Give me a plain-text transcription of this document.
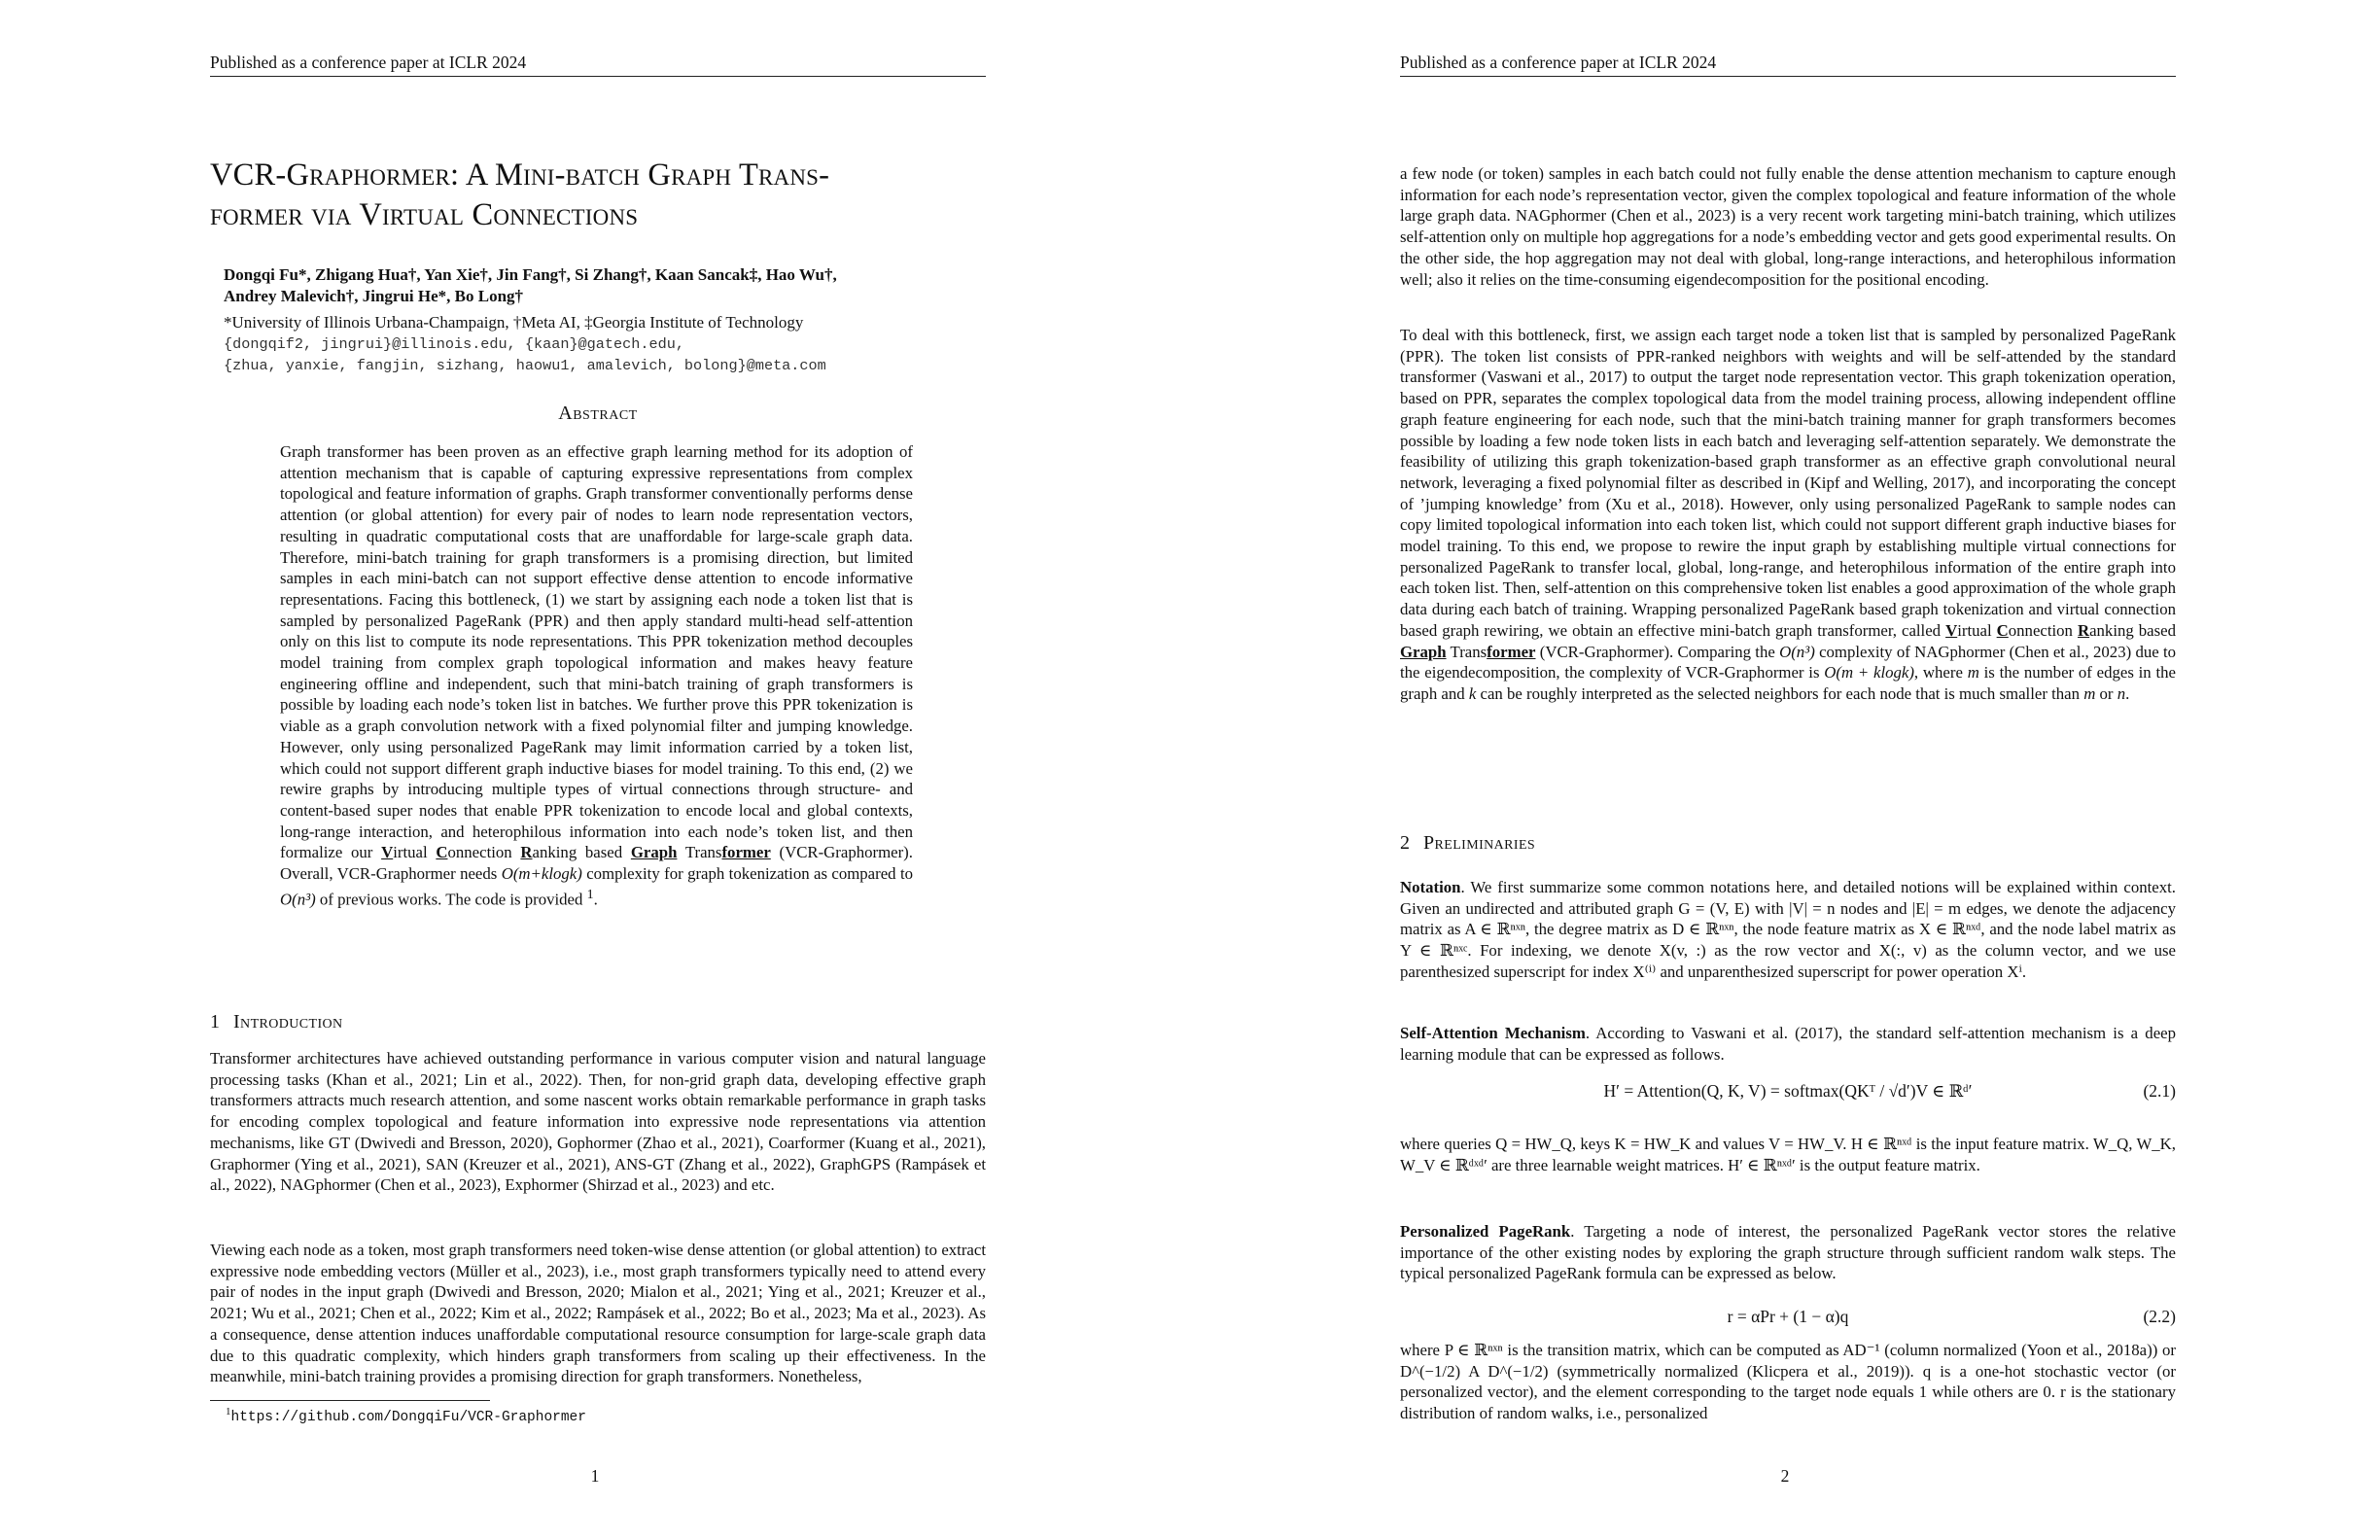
Published as a conference paper at ICLR 2024
VCR-Graphormer: A Mini-batch Graph Trans-
former via Virtual Connections
Dongqi Fu*, Zhigang Hua†, Yan Xie†, Jin Fang†, Si Zhang†, Kaan Sancak‡, Hao Wu†,
Andrey Malevich†, Jingrui He*, Bo Long†
*University of Illinois Urbana-Champaign, †Meta AI, ‡Georgia Institute of Technology
{dongqif2, jingrui}@illinois.edu, {kaan}@gatech.edu,
{zhua, yanxie, fangjin, sizhang, haowu1, amalevich, bolong}@meta.com
Abstract
Graph transformer has been proven as an effective graph learning method for its adoption of attention mechanism that is capable of capturing expressive representations from complex topological and feature information of graphs. Graph transformer conventionally performs dense attention (or global attention) for every pair of nodes to learn node representation vectors, resulting in quadratic computational costs that are unaffordable for large-scale graph data. Therefore, mini-batch training for graph transformers is a promising direction, but limited samples in each mini-batch can not support effective dense attention to encode informative representations. Facing this bottleneck, (1) we start by assigning each node a token list that is sampled by personalized PageRank (PPR) and then apply standard multi-head self-attention only on this list to compute its node representations. This PPR tokenization method decouples model training from complex graph topological information and makes heavy feature engineering offline and independent, such that mini-batch training of graph transformers is possible by loading each node’s token list in batches. We further prove this PPR tokenization is viable as a graph convolution network with a fixed polynomial filter and jumping knowledge. However, only using personalized PageRank may limit information carried by a token list, which could not support different graph inductive biases for model training. To this end, (2) we rewire graphs by introducing multiple types of virtual connections through structure- and content-based super nodes that enable PPR tokenization to encode local and global contexts, long-range interaction, and heterophilous information into each node’s token list, and then formalize our Virtual Connection Ranking based Graph Transformer (VCR-Graphormer). Overall, VCR-Graphormer needs O(m+klogk) complexity for graph tokenization as compared to O(n³) of previous works. The code is provided $^1$.
1 Introduction
Transformer architectures have achieved outstanding performance in various computer vision and natural language processing tasks (Khan et al., 2021; Lin et al., 2022). Then, for non-grid graph data, developing effective graph transformers attracts much research attention, and some nascent works obtain remarkable performance in graph tasks for encoding complex topological and feature information into expressive node representations via attention mechanisms, like GT (Dwivedi and Bresson, 2020), Gophormer (Zhao et al., 2021), Coarformer (Kuang et al., 2021), Graphormer (Ying et al., 2021), SAN (Kreuzer et al., 2021), ANS-GT (Zhang et al., 2022), GraphGPS (Rampásek et al., 2022), NAGphormer (Chen et al., 2023), Exphormer (Shirzad et al., 2023) and etc.
Viewing each node as a token, most graph transformers need token-wise dense attention (or global attention) to extract expressive node embedding vectors (Müller et al., 2023), i.e., most graph transformers typically need to attend every pair of nodes in the input graph (Dwivedi and Bresson, 2020; Mialon et al., 2021; Ying et al., 2021; Kreuzer et al., 2021; Wu et al., 2021; Chen et al., 2022; Kim et al., 2022; Rampásek et al., 2022; Bo et al., 2023; Ma et al., 2023). As a consequence, dense attention induces unaffordable computational resource consumption for large-scale graph data due to this quadratic complexity, which hinders graph transformers from scaling up their effectiveness. In the meanwhile, mini-batch training provides a promising direction for graph transformers. Nonetheless,
$^1$https://github.com/DongqiFu/VCR-Graphormer
1
Published as a conference paper at ICLR 2024
a few node (or token) samples in each batch could not fully enable the dense attention mechanism to capture enough information for each node’s representation vector, given the complex topological and feature information of the whole large graph data. NAGphormer (Chen et al., 2023) is a very recent work targeting mini-batch training, which utilizes self-attention only on multiple hop aggregations for a node’s embedding vector and gets good experimental results. On the other side, the hop aggregation may not deal with global, long-range interactions, and heterophilous information well; also it relies on the time-consuming eigendecomposition for the positional encoding.
To deal with this bottleneck, first, we assign each target node a token list that is sampled by personalized PageRank (PPR). The token list consists of PPR-ranked neighbors with weights and will be self-attended by the standard transformer (Vaswani et al., 2017) to output the target node representation vector. This graph tokenization operation, based on PPR, separates the complex topological data from the model training process, allowing independent offline graph feature engineering for each node, such that the mini-batch training manner for graph transformers becomes possible by loading a few node token lists in each batch and leveraging self-attention separately. We demonstrate the feasibility of utilizing this graph tokenization-based graph transformer as an effective graph convolutional neural network, leveraging a fixed polynomial filter as described in (Kipf and Welling, 2017), and incorporating the concept of ’jumping knowledge’ from (Xu et al., 2018). However, only using personalized PageRank to sample nodes can copy limited topological information into each token list, which could not support different graph inductive biases for model training. To this end, we propose to rewire the input graph by establishing multiple virtual connections for personalized PageRank to transfer local, global, long-range, and heterophilous information of the entire graph into each token list. Then, self-attention on this comprehensive token list enables a good approximation of the whole graph data during each batch of training. Wrapping personalized PageRank based graph tokenization and virtual connection based graph rewiring, we obtain an effective mini-batch graph transformer, called Virtual Connection Ranking based Graph Transformer (VCR-Graphormer). Comparing the O(n³) complexity of NAGphormer (Chen et al., 2023) due to the eigendecomposition, the complexity of VCR-Graphormer is O(m + klogk), where m is the number of edges in the graph and k can be roughly interpreted as the selected neighbors for each node that is much smaller than m or n.
2 Preliminaries
Notation. We first summarize some common notations here, and detailed notions will be explained within context. Given an undirected and attributed graph G = (V, E) with |V| = n nodes and |E| = m edges, we denote the adjacency matrix as A ∈ ℝⁿˣⁿ, the degree matrix as D ∈ ℝⁿˣⁿ, the node feature matrix as X ∈ ℝⁿˣᵈ, and the node label matrix as Y ∈ ℝⁿˣᶜ. For indexing, we denote X(v, :) as the row vector and X(:, v) as the column vector, and we use parenthesized superscript for index X⁽ⁱ⁾ and unparenthesized superscript for power operation Xⁱ.
Self-Attention Mechanism. According to Vaswani et al. (2017), the standard self-attention mechanism is a deep learning module that can be expressed as follows.
H′ = Attention(Q, K, V) = softmax(QKᵀ / √d′)V ∈ ℝᵈ′	(2.1)
where queries Q = HW_Q, keys K = HW_K and values V = HW_V. H ∈ ℝⁿˣᵈ is the input feature matrix. W_Q, W_K, W_V ∈ ℝᵈˣᵈ′ are three learnable weight matrices. H′ ∈ ℝⁿˣᵈ′ is the output feature matrix.
Personalized PageRank. Targeting a node of interest, the personalized PageRank vector stores the relative importance of the other existing nodes by exploring the graph structure through sufficient random walk steps. The typical personalized PageRank formula can be expressed as below.
r = αPr + (1 − α)q	(2.2)
where P ∈ ℝⁿˣⁿ is the transition matrix, which can be computed as AD⁻¹ (column normalized (Yoon et al., 2018a)) or D^(−1/2) A D^(−1/2) (symmetrically normalized (Klicpera et al., 2019)). q is a one-hot stochastic vector (or personalized vector), and the element corresponding to the target node equals 1 while others are 0. r is the stationary distribution of random walks, i.e., personalized
2
